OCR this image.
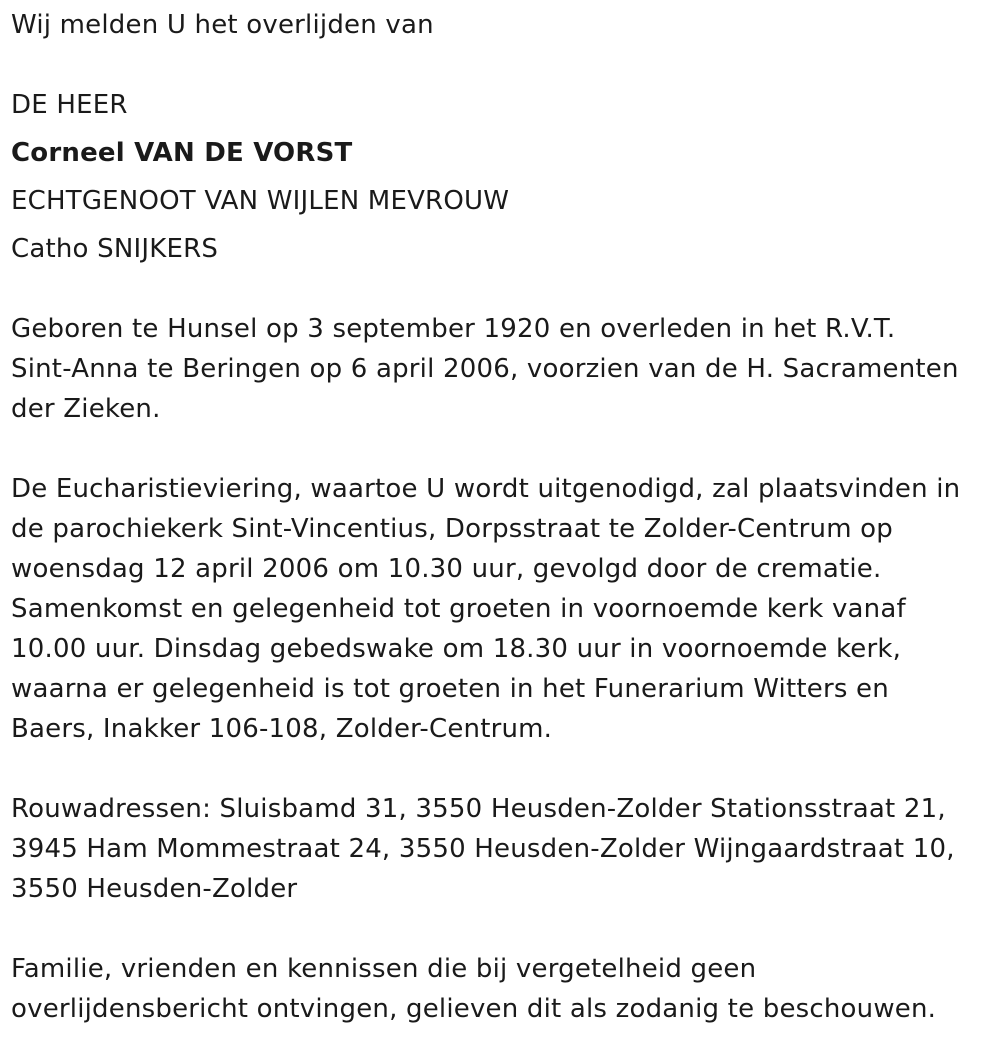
Wij melden U het overlijden van
DE HEER
Corneel VAN DE VORST
ECHTGENOOT VAN WIJLEN MEVROUW
Catho SNIJKERS
Geboren te Hunsel op 3 september 1920 en overleden in het R.V.T.
Sint-Anna te Beringen op 6 april 2006, voorzien van de H. Sacramenten
der Zieken.
De Eucharistieviering, waartoe U wordt uitgenodigd, zal plaatsvinden in
de parochiekerk Sint-Vincentius, Dorpsstraat te Zolder-Centrum op
woensdag 12 april 2006 om 10.30 uur, gevolgd door de crematie.
Samenkomst en gelegenheid tot groeten in voornoemde kerk vanaf
10.00 uur. Dinsdag gebedswake om 18.30 uur in voornoemde kerk,
waarna er gelegenheid is tot groeten in het Funerarium Witters en
Baers, Inakker 106-108, Zolder-Centrum.
Rouwadressen: Sluisbamd 31, 3550 Heusden-Zolder Stationsstraat 21,
3945 Ham Mommestraat 24, 3550 Heusden-Zolder Wijngaardstraat 10,
3550 Heusden-Zolder
Familie, vrienden en kennissen die bij vergetelheid geen
overlijdensbericht ontvingen, gelieven dit als zodanig te beschouwen.
